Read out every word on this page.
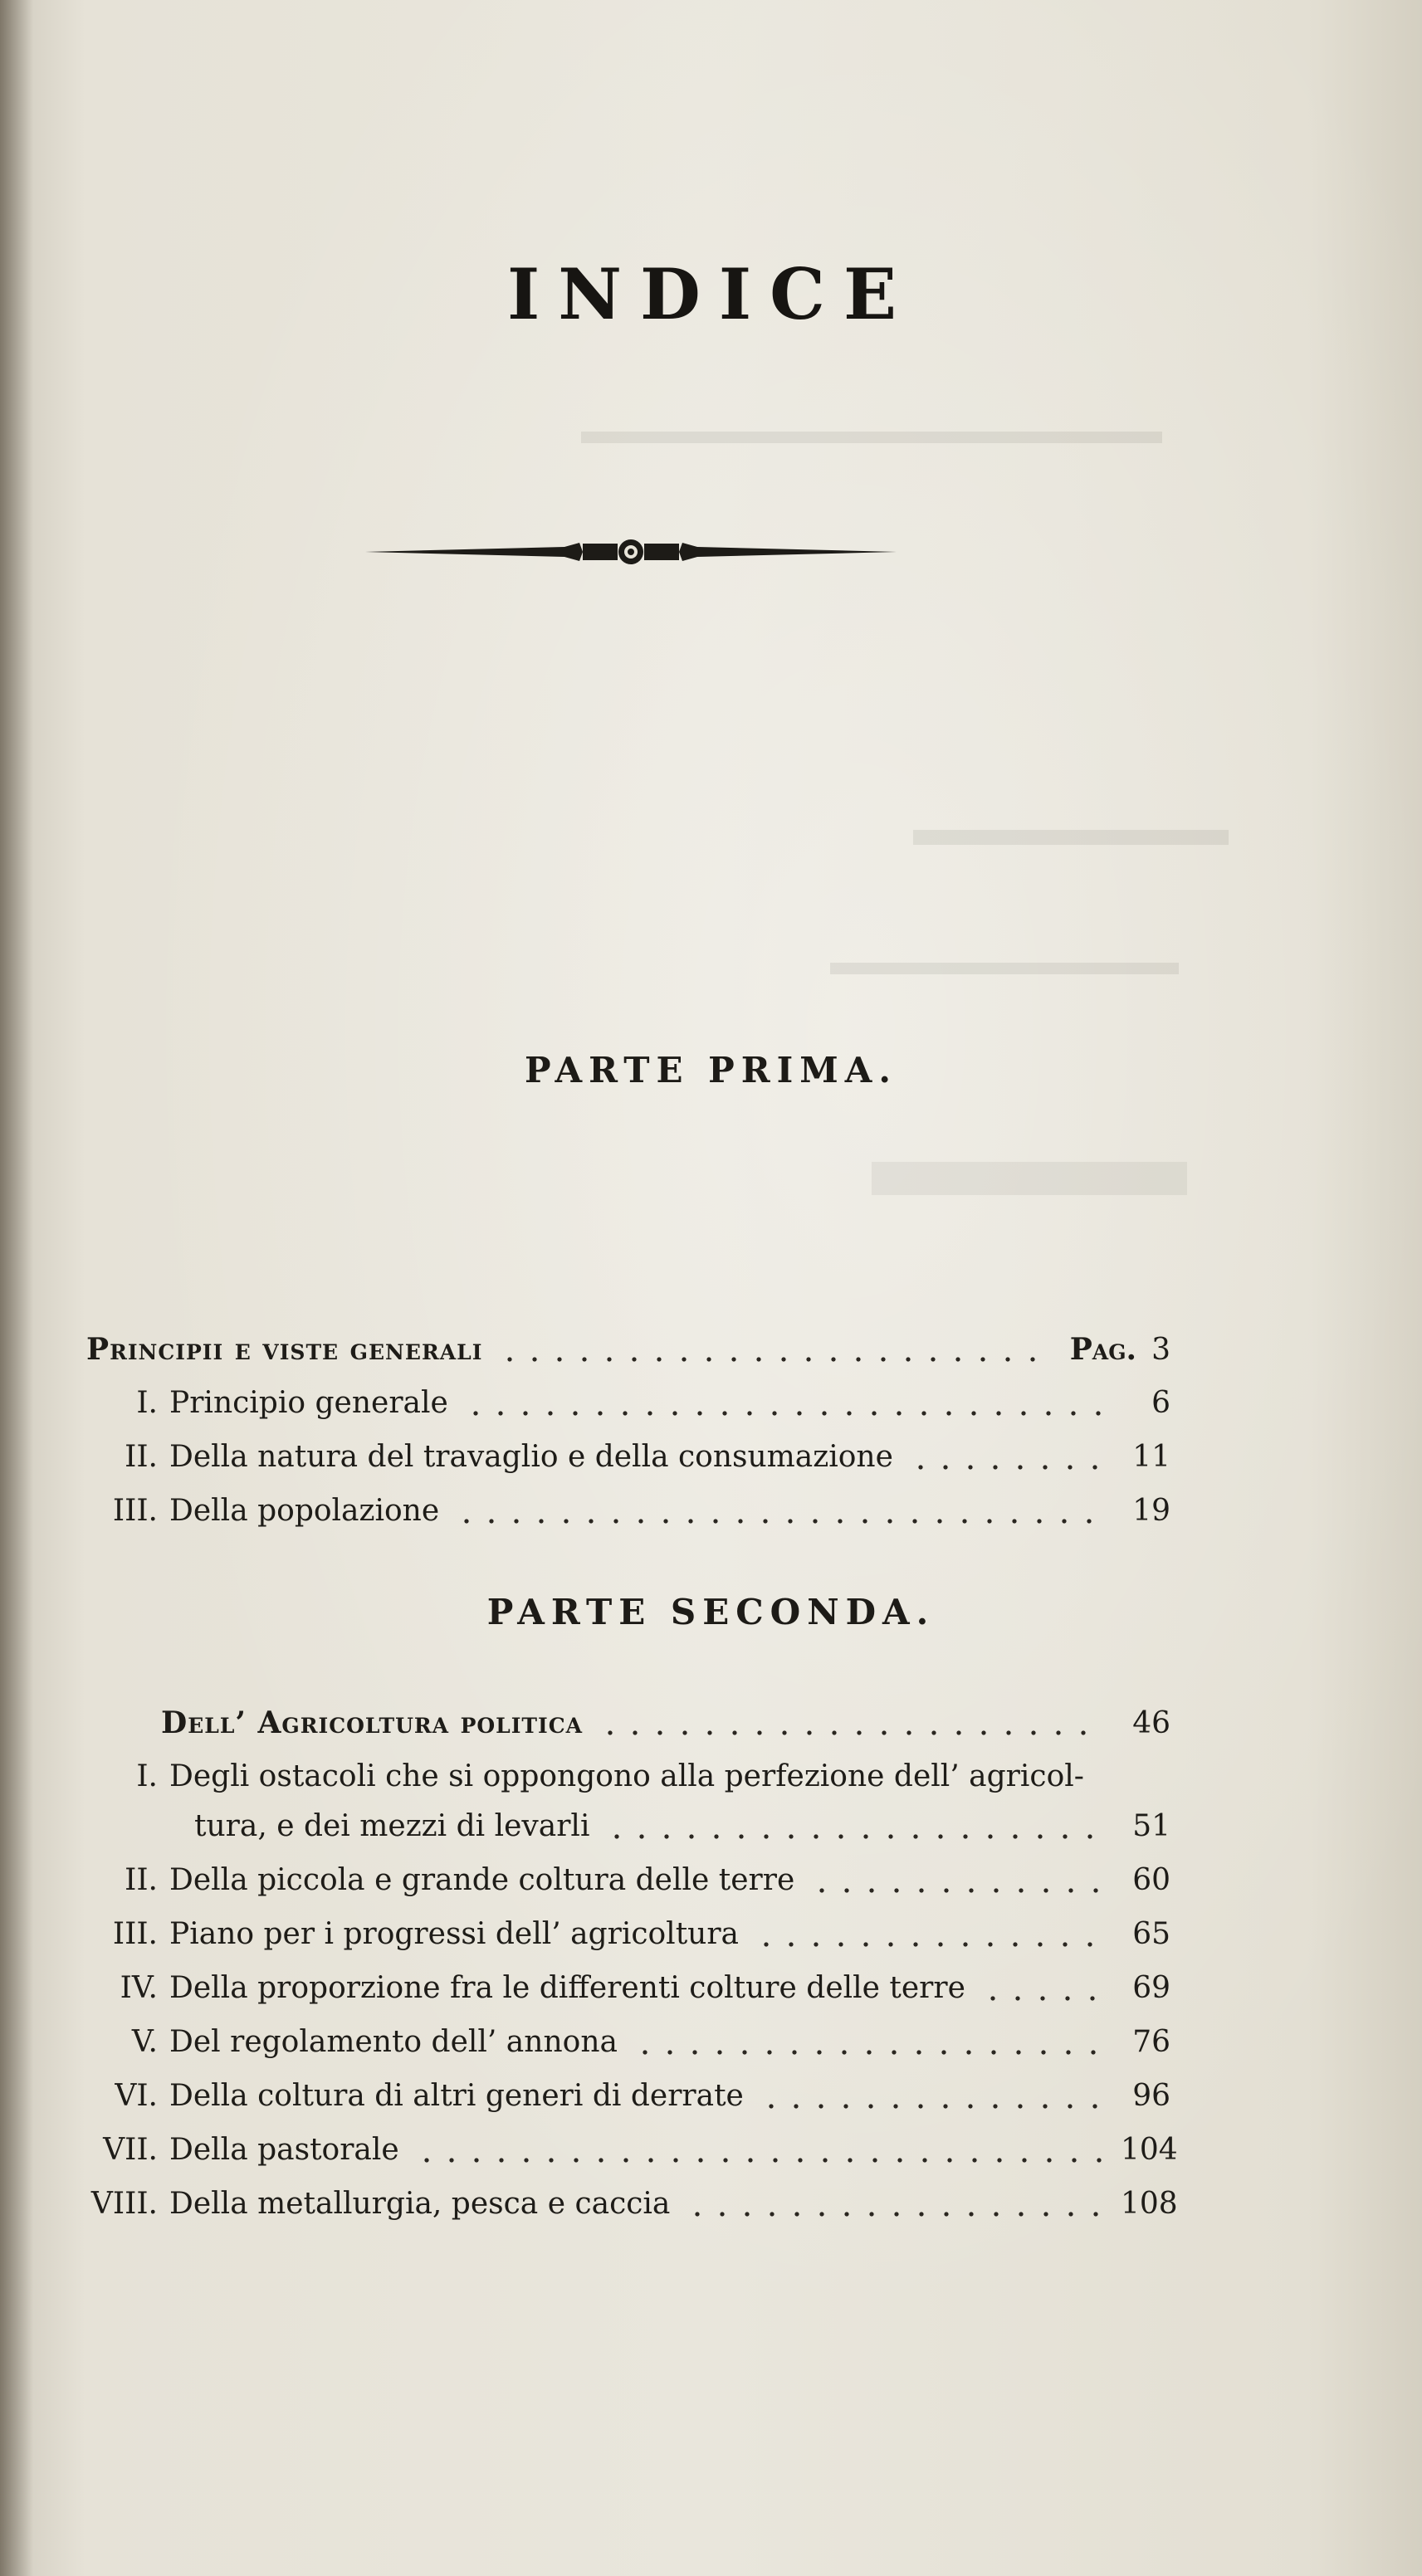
INDICE
PARTE PRIMA.
Principii e viste generali	Pag. 3
I. Principio generale	6
II. Della natura del travaglio e della consumazione	11
III. Della popolazione	19
PARTE SECONDA.
Dell’ Agricoltura politica	46
I. Degli ostacoli che si oppongono alla perfezione dell’ agricol-
tura, e dei mezzi di levarli	51
II. Della piccola e grande coltura delle terre	60
III. Piano per i progressi dell’ agricoltura	65
IV. Della proporzione fra le differenti colture delle terre	69
V. Del regolamento dell’ annona	76
VI. Della coltura di altri generi di derrate	96
VII. Della pastorale	104
VIII. Della metallurgia, pesca e caccia	108
